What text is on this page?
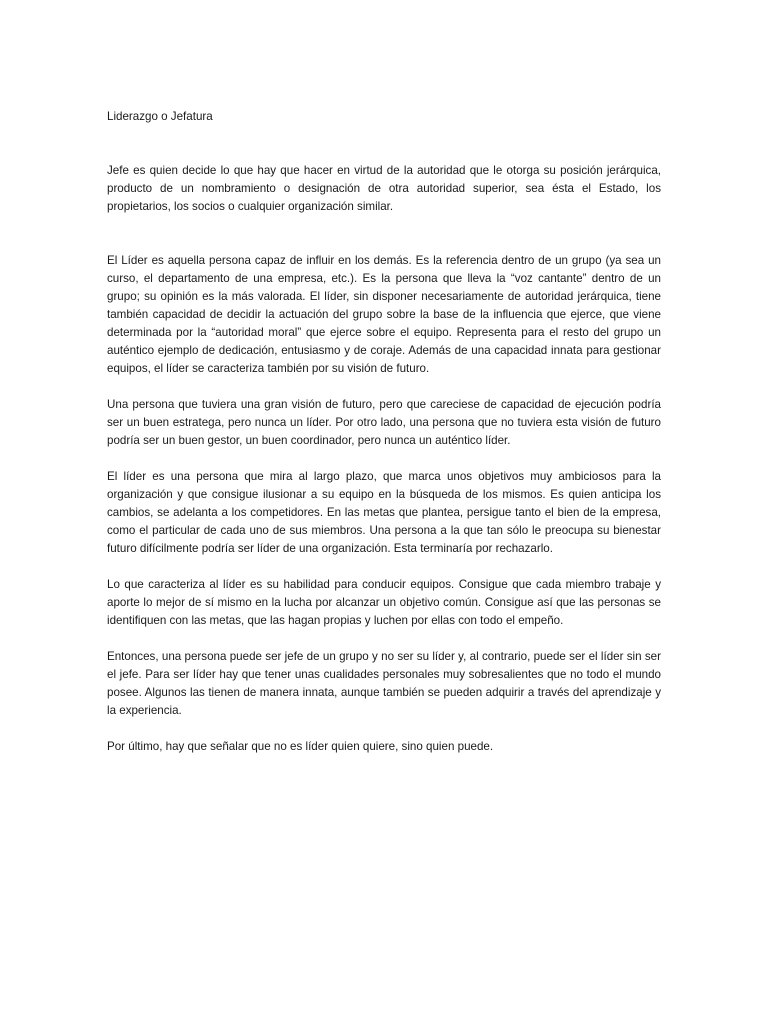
Liderazgo o Jefatura

Jefe es quien decide lo que hay que hacer en virtud de la autoridad que le otorga su posición jerárquica, producto de un nombramiento o designación de otra autoridad superior, sea ésta el Estado, los propietarios, los socios o cualquier organización similar.

El Líder es aquella persona capaz de influir en los demás. Es la referencia dentro de un grupo (ya sea un curso, el departamento de una empresa, etc.). Es la persona que lleva la “voz cantante” dentro de un grupo; su opinión es la más valorada. El líder, sin disponer necesariamente de autoridad jerárquica, tiene también capacidad de decidir la actuación del grupo sobre la base de la influencia que ejerce, que viene determinada por la “autoridad moral” que ejerce sobre el equipo. Representa para el resto del grupo un auténtico ejemplo de dedicación, entusiasmo y de coraje. Además de una capacidad innata para gestionar equipos, el líder se caracteriza también por su visión de futuro.

Una persona que tuviera una gran visión de futuro, pero que careciese de capacidad de ejecución podría ser un buen estratega, pero nunca un líder. Por otro lado, una persona que no tuviera esta visión de futuro podría ser un buen gestor, un buen coordinador, pero nunca un auténtico líder.

El líder es una persona que mira al largo plazo, que marca unos objetivos muy ambiciosos para la organización y que consigue ilusionar a su equipo en la búsqueda de los mismos. Es quien anticipa los cambios, se adelanta a los competidores. En las metas que plantea, persigue tanto el bien de la empresa, como el particular de cada uno de sus miembros. Una persona a la que tan sólo le preocupa su bienestar futuro difícilmente podría ser líder de una organización. Esta terminaría por rechazarlo.

Lo que caracteriza al líder es su habilidad para conducir equipos. Consigue que cada miembro trabaje y aporte lo mejor de sí mismo en la lucha por alcanzar un objetivo común. Consigue así que las personas se identifiquen con las metas, que las hagan propias y luchen por ellas con todo el empeño.

Entonces, una persona puede ser jefe de un grupo y no ser su líder y, al contrario, puede ser el líder sin ser el jefe. Para ser líder hay que tener unas cualidades personales muy sobresalientes que no todo el mundo posee. Algunos las tienen de manera innata, aunque también se pueden adquirir a través del aprendizaje y la experiencia.

Por último, hay que señalar que no es líder quien quiere, sino quien puede.
